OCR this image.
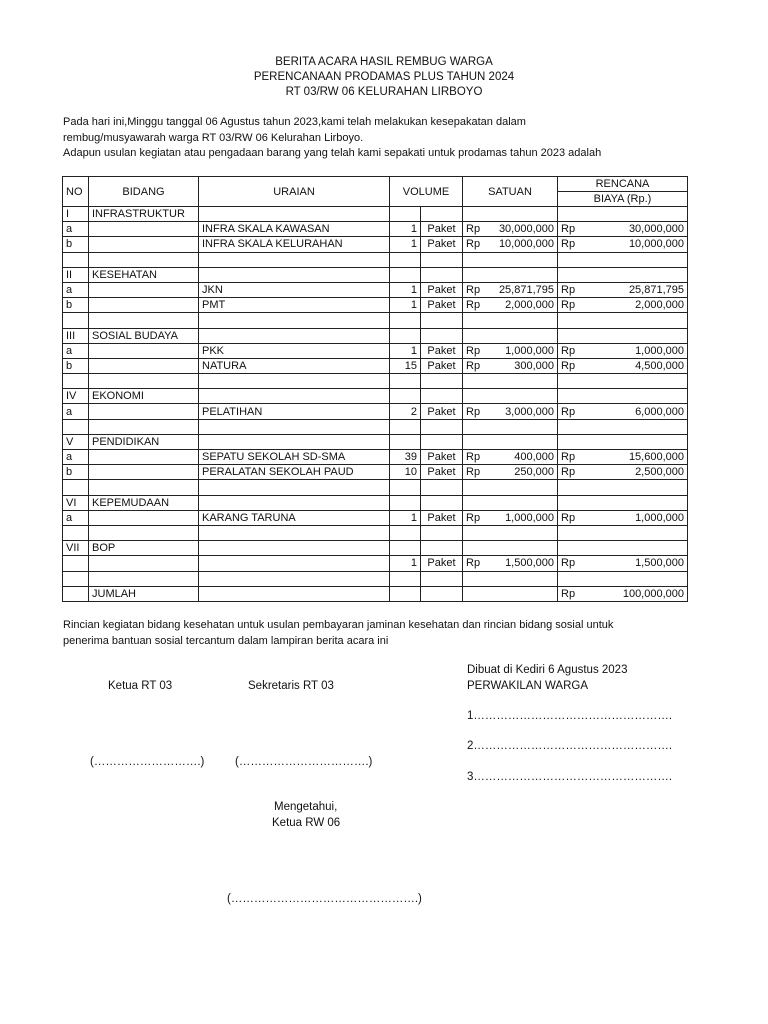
BERITA ACARA HASIL REMBUG WARGA
PERENCANAAN PRODAMAS PLUS TAHUN 2024
RT 03/RW 06 KELURAHAN LIRBOYO
Pada hari ini,Minggu tanggal 06 Agustus tahun 2023,kami telah melakukan kesepakatan dalam
rembug/musyawarah warga RT 03/RW 06 Kelurahan Lirboyo.
Adapun usulan kegiatan atau pengadaan barang yang telah kami sepakati untuk prodamas tahun 2023 adalah
NO	BIDANG	URAIAN	VOLUME		SATUAN		RENCANA	
							BIAYA (Rp.)	
I	INFRASTRUKTUR							
a		INFRA SKALA KAWASAN	1	Paket	Rp	30,000,000	Rp	30,000,000
b		INFRA SKALA KELURAHAN	1	Paket	Rp	10,000,000	Rp	10,000,000

II	KESEHATAN							
a		JKN	1	Paket	Rp	25,871,795	Rp	25,871,795
b		PMT	1	Paket	Rp	2,000,000	Rp	2,000,000

III	SOSIAL BUDAYA							
a		PKK	1	Paket	Rp	1,000,000	Rp	1,000,000
b		NATURA	15	Paket	Rp	300,000	Rp	4,500,000

IV	EKONOMI							
a		PELATIHAN	2	Paket	Rp	3,000,000	Rp	6,000,000

V	PENDIDIKAN							
a		SEPATU SEKOLAH SD-SMA	39	Paket	Rp	400,000	Rp	15,600,000
b		PERALATAN SEKOLAH PAUD	10	Paket	Rp	250,000	Rp	2,500,000

VI	KEPEMUDAAN							
a		KARANG TARUNA	1	Paket	Rp	1,000,000	Rp	1,000,000

VII	BOP							
			1	Paket	Rp	1,500,000	Rp	1,500,000

	JUMLAH						Rp	100,000,000
Rincian kegiatan bidang kesehatan untuk usulan pembayaran jaminan kesehatan dan rincian bidang sosial untuk
penerima bantuan sosial tercantum dalam lampiran berita acara ini
Dibuat di Kediri 6 Agustus 2023
Ketua RT 03	Sekretaris RT 03	PERWAKILAN WARGA
1…………………………………………….
2…………………………………………….
(……………………….)	(…………………………….)
3…………………………………………….
Mengetahui,
Ketua RW 06
(………………………………………….)
